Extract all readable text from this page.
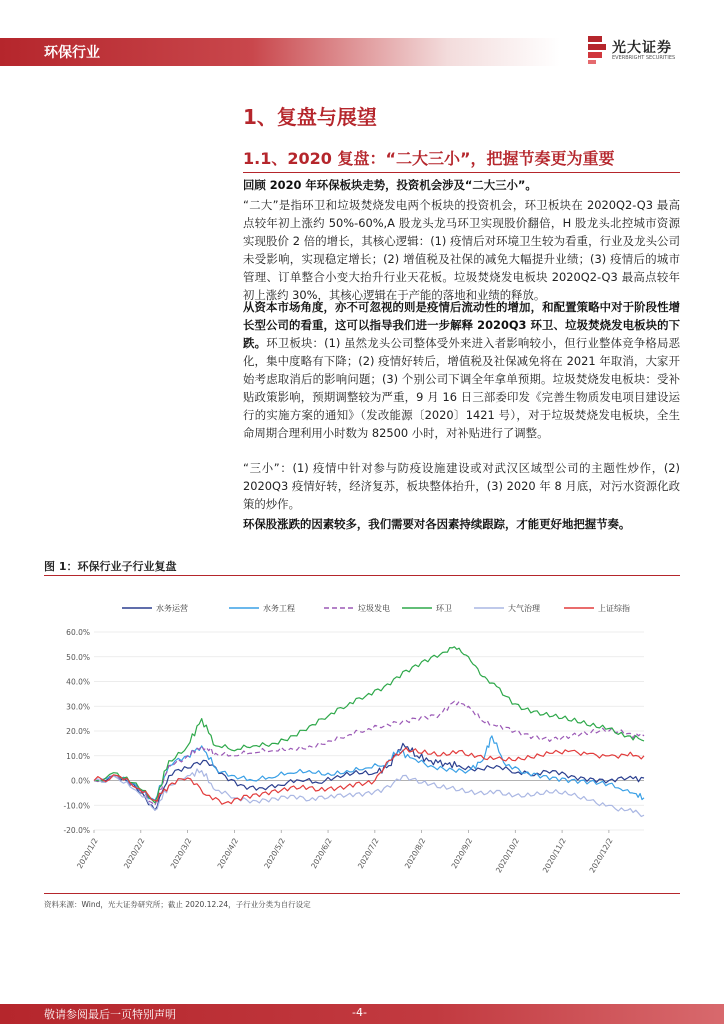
环保行业	光大证券
EVERBRIGHT SECURITIES
1、复盘与展望
1.1、2020 复盘：“二大三小”，把握节奏更为重要
回顾 2020 年环保板块走势，投资机会涉及“二大三小”。
“二大”是指环卫和垃圾焚烧发电两个板块的投资机会，环卫板块在 2020Q2-Q3 最高点较年初上涨约 50%-60%,A 股龙头龙马环卫实现股价翻倍，H 股龙头北控城市资源实现股价 2 倍的增长，其核心逻辑：(1) 疫情后对环境卫生较为看重，行业及龙头公司未受影响，实现稳定增长；(2) 增值税及社保的减免大幅提升业绩；(3) 疫情后的城市管理、订单整合小变大抬升行业天花板。垃圾焚烧发电板块 2020Q2-Q3 最高点较年初上涨约 30%，其核心逻辑在于产能的落地和业绩的释放。
从资本市场角度，亦不可忽视的则是疫情后流动性的增加，和配置策略中对于阶段性增长型公司的看重，这可以指导我们进一步解释 2020Q3 环卫、垃圾焚烧发电板块的下跌。环卫板块：(1) 虽然龙头公司整体受外来进入者影响较小，但行业整体竞争格局恶化，集中度略有下降；(2) 疫情好转后，增值税及社保减免将在 2021 年取消，大家开始考虑取消后的影响问题；(3) 个别公司下调全年拿单预期。垃圾焚烧发电板块：受补贴政策影响，预期调整较为严重，9 月 16 日三部委印发《完善生物质发电项目建设运行的实施方案的通知》（发改能源〔2020〕1421 号），对于垃圾焚烧发电板块，全生命周期合理利用小时数为 82500 小时，对补贴进行了调整。
“三小”：(1) 疫情中针对参与防疫设施建设或对武汉区域型公司的主题性炒作，(2) 2020Q3 疫情好转，经济复苏，板块整体抬升，(3) 2020 年 8 月底，对污水资源化政策的炒作。
环保股涨跌的因素较多，我们需要对各因素持续跟踪，才能更好地把握节奏。
图 1：环保行业子行业复盘
水务运营	水务工程	垃圾发电	环卫	大气治理	上证综指
60.0%
50.0%
40.0%
30.0%
20.0%
10.0%
0.0%
-10.0%
-20.0%
2020/1/2	2020/2/2	2020/3/2	2020/4/2	2020/5/2	2020/6/2	2020/7/2	2020/8/2	2020/9/2	2020/10/2	2020/11/2	2020/12/2
资料来源：Wind，光大证券研究所；截止 2020.12.24，子行业分类为自行设定
敬请参阅最后一页特别声明	-4-
